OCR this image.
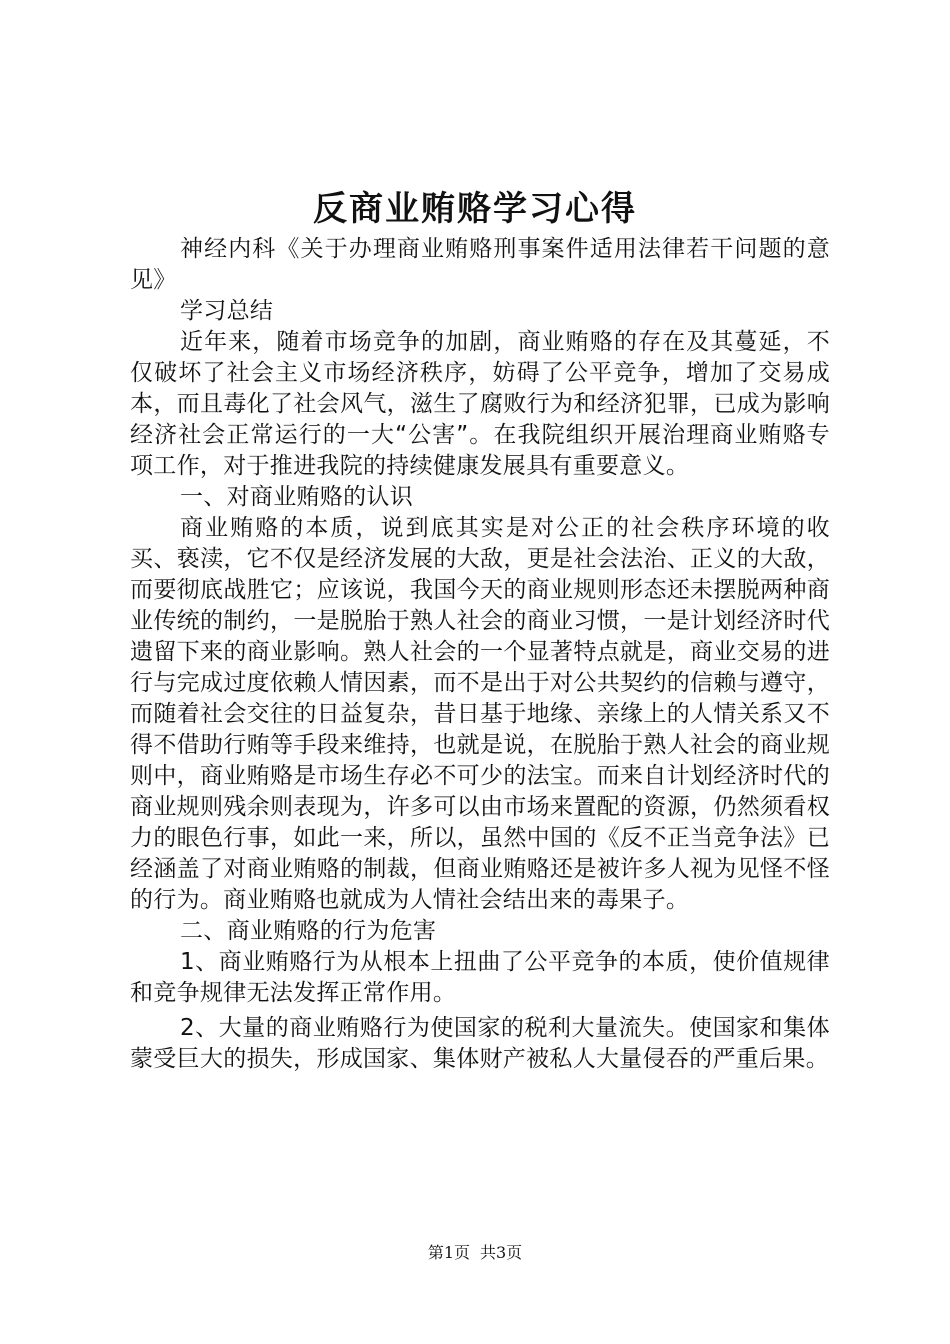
反商业贿赂学习心得

神经内科《关于办理商业贿赂刑事案件适用法律若干问题的意见》

学习总结

近年来，随着市场竞争的加剧，商业贿赂的存在及其蔓延，不仅破坏了社会主义市场经济秩序，妨碍了公平竞争，增加了交易成本，而且毒化了社会风气，滋生了腐败行为和经济犯罪，已成为影响经济社会正常运行的一大“公害”。在我院组织开展治理商业贿赂专项工作，对于推进我院的持续健康发展具有重要意义。

一、对商业贿赂的认识

商业贿赂的本质，说到底其实是对公正的社会秩序环境的收买、亵渎，它不仅是经济发展的大敌，更是社会法治、正义的大敌，而要彻底战胜它；应该说，我国今天的商业规则形态还未摆脱两种商业传统的制约，一是脱胎于熟人社会的商业习惯，一是计划经济时代遗留下来的商业影响。熟人社会的一个显著特点就是，商业交易的进行与完成过度依赖人情因素，而不是出于对公共契约的信赖与遵守，而随着社会交往的日益复杂，昔日基于地缘、亲缘上的人情关系又不得不借助行贿等手段来维持，也就是说，在脱胎于熟人社会的商业规则中，商业贿赂是市场生存必不可少的法宝。而来自计划经济时代的商业规则残余则表现为，许多可以由市场来置配的资源，仍然须看权力的眼色行事，如此一来，所以，虽然中国的《反不正当竞争法》已经涵盖了对商业贿赂的制裁，但商业贿赂还是被许多人视为见怪不怪的行为。商业贿赂也就成为人情社会结出来的毒果子。

二、商业贿赂的行为危害

1、商业贿赂行为从根本上扭曲了公平竞争的本质，使价值规律和竞争规律无法发挥正常作用。

2、大量的商业贿赂行为使国家的税利大量流失。使国家和集体蒙受巨大的损失，形成国家、集体财产被私人大量侵吞的严重后果。

第1页 共3页
